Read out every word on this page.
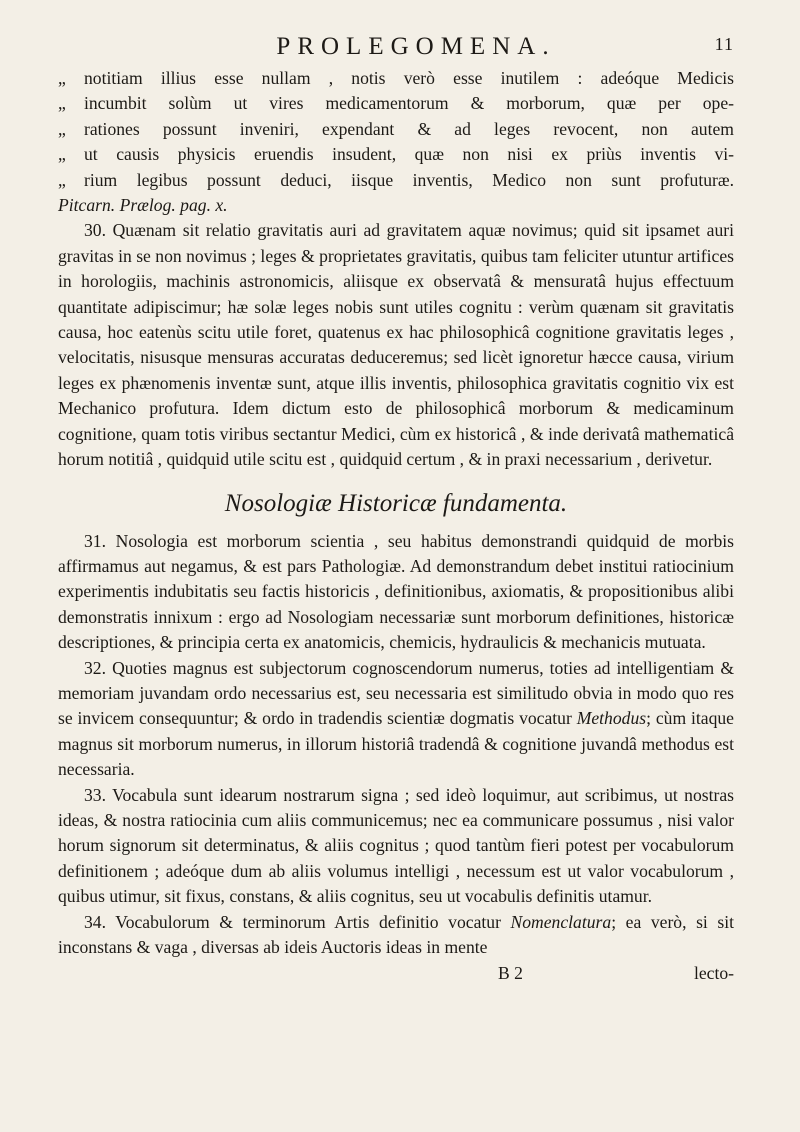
PROLEGOMENA.	11
„ notitiam illius esse nullam , notis verò esse inutilem : adeóque Medicis
„ incumbit solùm ut vires medicamentorum & morborum, quæ per ope-
„ rationes possunt inveniri, expendant & ad leges revocent, non autem
„ ut causis physicis eruendis insudent, quæ non nisi ex priùs inventis vi-
„ rium legibus possunt deduci, iisque inventis, Medico non sunt profuturæ.

Pitcarn. Prælog. pag. x.

30. Quænam sit relatio gravitatis auri ad gravitatem aquæ novimus; quid sit ipsamet auri gravitas in se non novimus ; leges & proprietates gravitatis, quibus tam feliciter utuntur artifices in horologiis, machinis astronomicis, aliisque ex observatâ & mensuratâ hujus effectuum quantitate adipiscimur; hæ solæ leges nobis sunt utiles cognitu : verùm quænam sit gravitatis causa, hoc eatenùs scitu utile foret, quatenus ex hac philosophicâ cognitione gravitatis leges , velocitatis, nisusque mensuras accuratas deduceremus; sed licèt ignoretur hæcce causa, virium leges ex phænomenis inventæ sunt, atque illis inventis, philosophica gravitatis cognitio vix est Mechanico profutura. Idem dictum esto de philosophicâ morborum & medicaminum cognitione, quam totis viribus sectantur Medici, cùm ex historicâ , & inde derivatâ mathematicâ horum notitiâ , quidquid utile scitu est , quidquid certum , & in praxi necessarium , derivetur.

Nosologiæ Historicæ fundamenta.

31. Nosologia est morborum scientia , seu habitus demonstrandi quidquid de morbis affirmamus aut negamus, & est pars Pathologiæ. Ad demonstrandum debet institui ratiocinium experimentis indubitatis seu factis historicis , definitionibus, axiomatis, & propositionibus alibi demonstratis innixum : ergo ad Nosologiam necessariæ sunt morborum definitiones, historicæ descriptiones, & principia certa ex anatomicis, chemicis, hydraulicis & mechanicis mutuata.

32. Quoties magnus est subjectorum cognoscendorum numerus, toties ad intelligentiam & memoriam juvandam ordo necessarius est, seu necessaria est similitudo obvia in modo quo res se invicem consequuntur; & ordo in tradendis scientiæ dogmatis vocatur Methodus; cùm itaque magnus sit morborum numerus, in illorum historiâ tradendâ & cognitione juvandâ methodus est necessaria.

33. Vocabula sunt idearum nostrarum signa ; sed ideò loquimur, aut scribimus, ut nostras ideas, & nostra ratiocinia cum aliis communicemus; nec ea communicare possumus , nisi valor horum signorum sit determinatus, & aliis cognitus ; quod tantùm fieri potest per vocabulorum definitionem ; adeóque dum ab aliis volumus intelligi , necessum est ut valor vocabulorum , quibus utimur, sit fixus, constans, & aliis cognitus, seu ut vocabulis definitis utamur.

34. Vocabulorum & terminorum Artis definitio vocatur Nomenclatura; ea verò, si sit inconstans & vaga , diversas ab ideis Auctoris ideas in mente

B 2	lecto-
